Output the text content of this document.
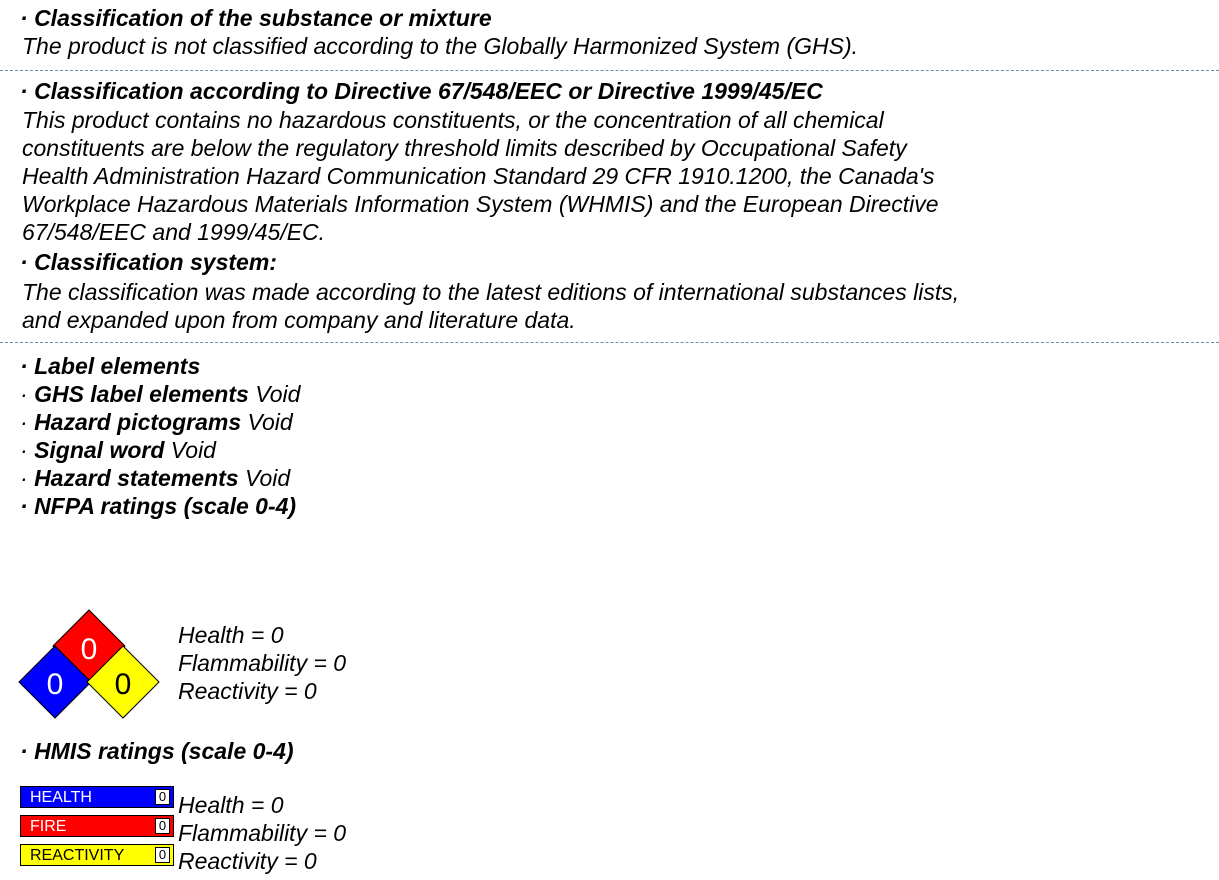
· Classification of the substance or mixture
The product is not classified according to the Globally Harmonized System (GHS).
· Classification according to Directive 67/548/EEC or Directive 1999/45/EC
This product contains no hazardous constituents, or the concentration of all chemical
constituents are below the regulatory threshold limits described by Occupational Safety
Health Administration Hazard Communication Standard 29 CFR 1910.1200, the Canada's
Workplace Hazardous Materials Information System (WHMIS) and the European Directive
67/548/EEC and 1999/45/EC.
· Classification system:
The classification was made according to the latest editions of international substances lists,
and expanded upon from company and literature data.
· Label elements
· GHS label elements Void
· Hazard pictograms Void
· Signal word Void
· Hazard statements Void
· NFPA ratings (scale 0-4)
0
0 0
Health = 0
Flammability = 0
Reactivity = 0
· HMIS ratings (scale 0-4)
HEALTH	0
FIRE	0
REACTIVITY	0
Health = 0
Flammability = 0
Reactivity = 0
